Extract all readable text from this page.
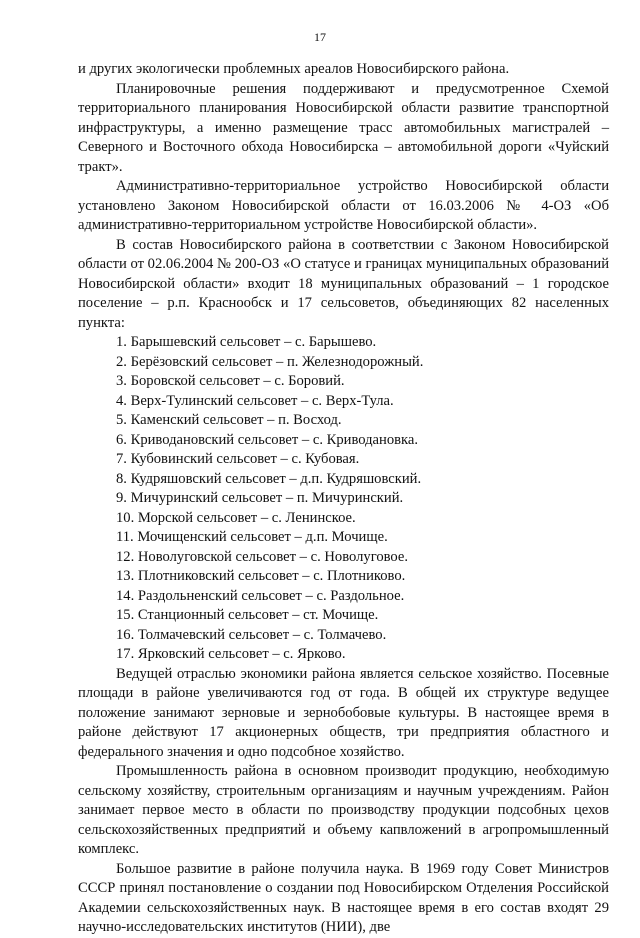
17

и других экологически проблемных ареалов Новосибирского района.

Планировочные решения поддерживают и предусмотренное Схемой территориального планирования Новосибирской области развитие транспортной инфраструктуры, а именно размещение трасс автомобильных магистралей – Северного и Восточного обхода Новосибирска – автомобильной дороги «Чуйский тракт».

Административно-территориальное устройство Новосибирской области установлено Законом Новосибирской области от 16.03.2006 № 4-ОЗ «Об административно-территориальном устройстве Новосибирской области».

В состав Новосибирского района в соответствии с Законом Новосибирской области от 02.06.2004 № 200-ОЗ «О статусе и границах муниципальных образований Новосибирской области» входит 18 муниципальных образований – 1 городское поселение – р.п. Краснообск и 17 сельсоветов, объединяющих 82 населенных пункта:

1. Барышевский сельсовет – с. Барышево.
2. Берёзовский сельсовет – п. Железнодорожный.
3. Боровской сельсовет – с. Боровий.
4. Верх-Тулинский сельсовет – с. Верх-Тула.
5. Каменский сельсовет – п. Восход.
6. Криводановский сельсовет – с. Криводановка.
7. Кубовинский сельсовет – с. Кубовая.
8. Кудряшовский сельсовет – д.п. Кудряшовский.
9. Мичуринский сельсовет – п. Мичуринский.
10. Морской сельсовет – с. Ленинское.
11. Мочищенский сельсовет – д.п. Мочище.
12. Новолуговской сельсовет – с. Новолуговое.
13. Плотниковский сельсовет – с. Плотниково.
14. Раздольненский сельсовет – с. Раздольное.
15. Станционный сельсовет – ст. Мочище.
16. Толмачевский сельсовет – с. Толмачево.
17. Ярковский сельсовет – с. Ярково.

Ведущей отраслью экономики района является сельское хозяйство. Посевные площади в районе увеличиваются год от года. В общей их структуре ведущее положение занимают зерновые и зернобобовые культуры. В настоящее время в районе действуют 17 акционерных обществ, три предприятия областного и федерального значения и одно подсобное хозяйство.

Промышленность района в основном производит продукцию, необходимую сельскому хозяйству, строительным организациям и научным учреждениям. Район занимает первое место в области по производству продукции подсобных цехов сельскохозяйственных предприятий и объему капвложений в агропромышленный комплекс.

Большое развитие в районе получила наука. В 1969 году Совет Министров СССР принял постановление о создании под Новосибирском Отделения Российской Академии сельскохозяйственных наук. В настоящее время в его состав входят 29 научно-исследовательских институтов (НИИ), две
